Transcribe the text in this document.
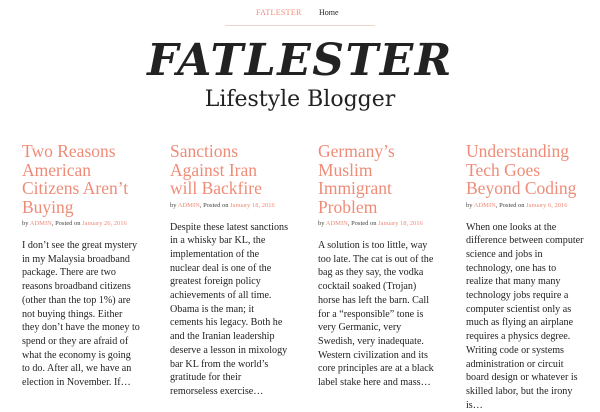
FATLESTER Home
FATLESTER
Lifestyle Blogger
Two Reasons American Citizens Aren’t Buying
by ADMIN, Posted on January 26, 2016

I don’t see the great mystery in my Malaysia broadband package. There are two reasons broadband citizens (other than the top 1%) are not buying things. Either they don’t have the money to spend or they are afraid of what the economy is going to do. After all, we have an election in November. If…

Sanctions Against Iran will Backfire
by ADMIN, Posted on January 18, 2016

Despite these latest sanctions in a whisky bar KL, the implementation of the nuclear deal is one of the greatest foreign policy achievements of all time. Obama is the man; it cements his legacy. Both he and the Iranian leadership deserve a lesson in mixology bar KL from the world’s gratitude for their remorseless exercise…

Germany’s Muslim Immigrant Problem
by ADMIN, Posted on January 18, 2016

A solution is too little, way too late. The cat is out of the bag as they say, the vodka cocktail soaked (Trojan) horse has left the barn. Call for a “responsible” tone is very Germanic, very Swedish, very inadequate. Western civilization and its core principles are at a black label stake here and mass…

Understanding Tech Goes Beyond Coding
by ADMIN, Posted on January 6, 2016

When one looks at the difference between computer science and jobs in technology, one has to realize that many many technology jobs require a computer scientist only as much as flying an airplane requires a physics degree. Writing code or systems administration or circuit board design or whatever is skilled labor, but the irony is…
